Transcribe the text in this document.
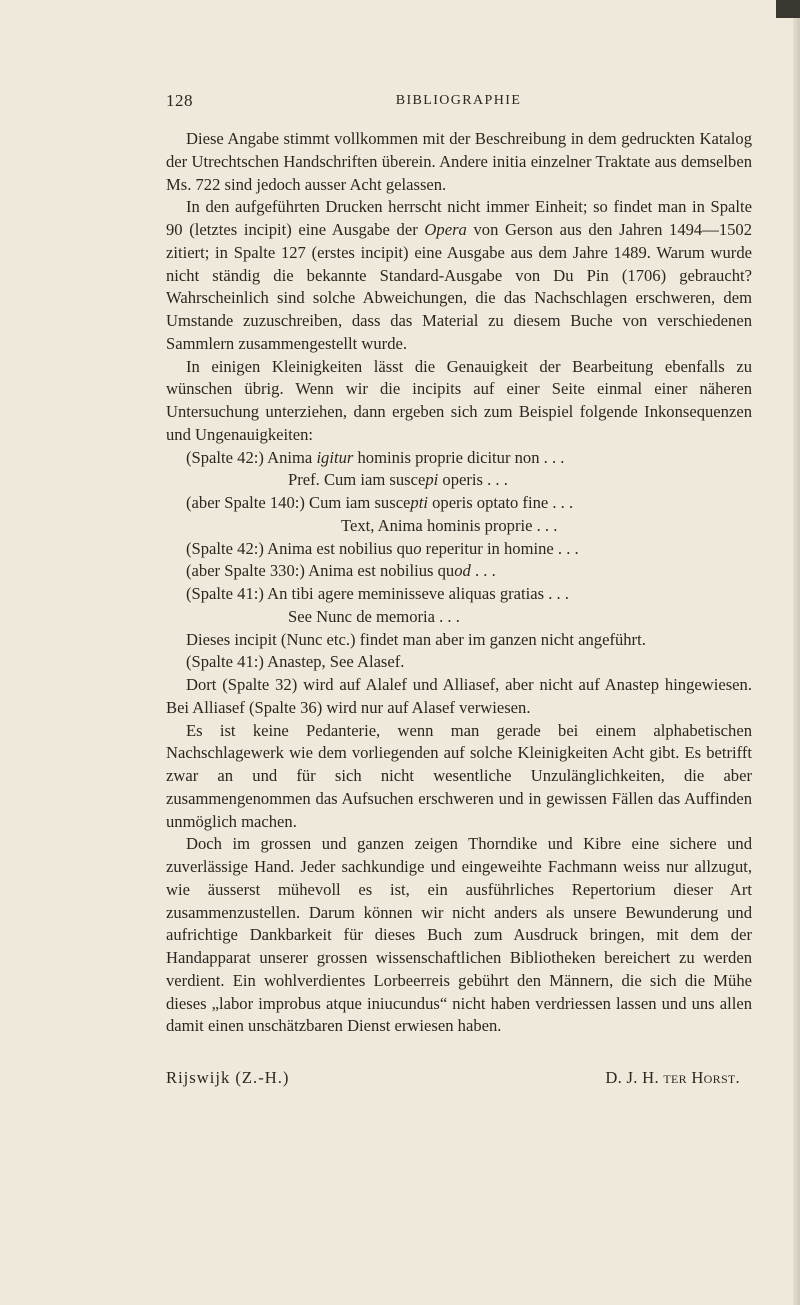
128	BIBLIOGRAPHIE

Diese Angabe stimmt vollkommen mit der Beschreibung in dem gedruckten Katalog der Utrechtschen Handschriften überein. Andere initia einzelner Traktate aus demselben Ms. 722 sind jedoch ausser Acht gelassen.

In den aufgeführten Drucken herrscht nicht immer Einheit; so findet man in Spalte 90 (letztes incipit) eine Ausgabe der Opera von Gerson aus den Jahren 1494—1502 zitiert; in Spalte 127 (erstes incipit) eine Ausgabe aus dem Jahre 1489. Warum wurde nicht ständig die bekannte Standard-Ausgabe von Du Pin (1706) gebraucht? Wahrscheinlich sind solche Abweichungen, die das Nachschlagen erschweren, dem Umstande zuzuschreiben, dass das Material zu diesem Buche von verschiedenen Sammlern zusammengestellt wurde.

In einigen Kleinigkeiten lässt die Genauigkeit der Bearbeitung ebenfalls zu wünschen übrig. Wenn wir die incipits auf einer Seite einmal einer näheren Untersuchung unterziehen, dann ergeben sich zum Beispiel folgende Inkonsequenzen und Ungenauigkeiten:

(Spalte 42:) Anima igitur hominis proprie dicitur non . . .
Pref. Cum iam suscepi operis . . .
(aber Spalte 140:) Cum iam suscepti operis optato fine . . .
Text, Anima hominis proprie . . .
(Spalte 42:) Anima est nobilius quo reperitur in homine . . .
(aber Spalte 330:) Anima est nobilius quod . . .
(Spalte 41:) An tibi agere meminisseve aliquas gratias . . .
See Nunc de memoria . . .

Dieses incipit (Nunc etc.) findet man aber im ganzen nicht angeführt.

(Spalte 41:) Anastep, See Alasef.

Dort (Spalte 32) wird auf Alalef und Alliasef, aber nicht auf Anastep hingewiesen. Bei Alliasef (Spalte 36) wird nur auf Alasef verwiesen.

Es ist keine Pedanterie, wenn man gerade bei einem alphabetischen Nachschlagewerk wie dem vorliegenden auf solche Kleinigkeiten Acht gibt. Es betrifft zwar an und für sich nicht wesentliche Unzulänglichkeiten, die aber zusammengenommen das Aufsuchen erschweren und in gewissen Fällen das Auffinden unmöglich machen.

Doch im grossen und ganzen zeigen Thorndike und Kibre eine sichere und zuverlässige Hand. Jeder sachkundige und eingeweihte Fachmann weiss nur allzugut, wie äusserst mühevoll es ist, ein ausführliches Repertorium dieser Art zusammenzustellen. Darum können wir nicht anders als unsere Bewunderung und aufrichtige Dankbarkeit für dieses Buch zum Ausdruck bringen, mit dem der Handapparat unserer grossen wissenschaftlichen Bibliotheken bereichert zu werden verdient. Ein wohlverdientes Lorbeerreis gebührt den Männern, die sich die Mühe dieses „labor improbus atque iniucundus“ nicht haben verdriessen lassen und uns allen damit einen unschätzbaren Dienst erwiesen haben.

Rijswijk (Z.-H.)	D. J. H. ter Horst.
